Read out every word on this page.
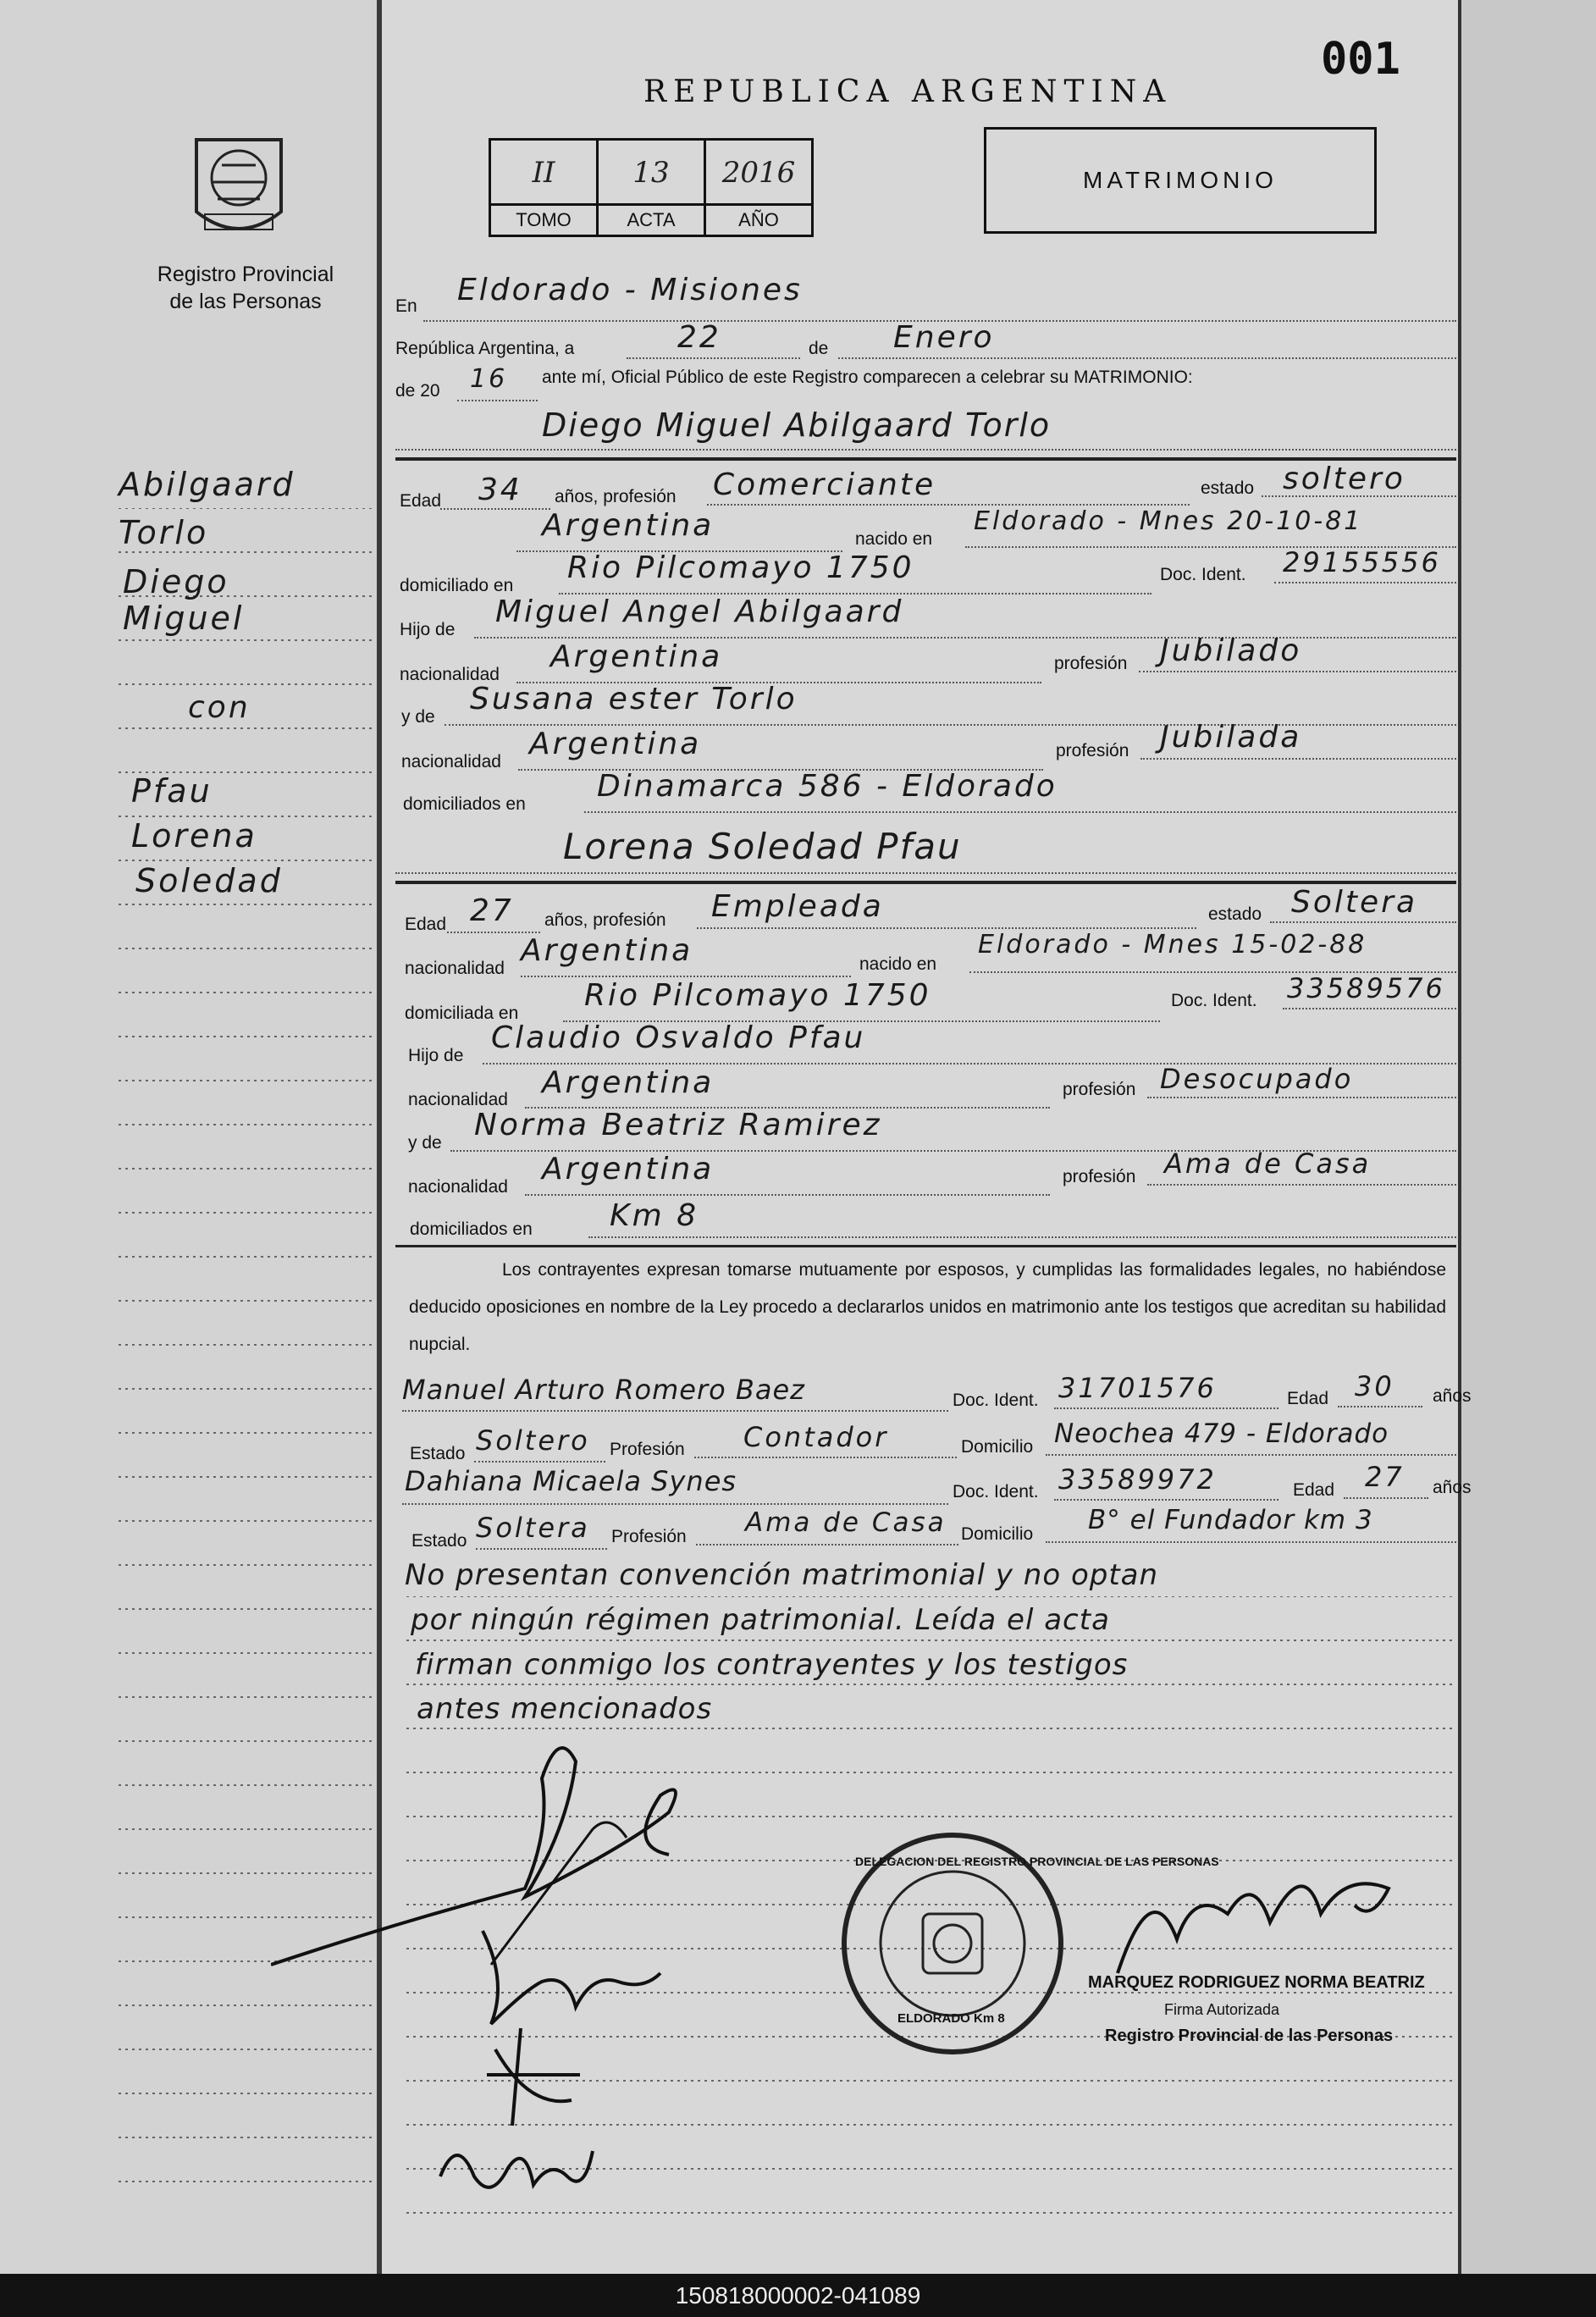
Registro Provincial
de las Personas
REPUBLICA ARGENTINA
001
II
TOMO
13
ACTA
2016
AÑO
MATRIMONIO
En Eldorado - Misiones
República Argentina, a	22	de Enero
de 20 16 ante mí, Oficial Público de este Registro comparecen a celebrar su MATRIMONIO:
Diego Miguel Abilgaard Torlo
Edad 34 años, profesión Comerciante	estado soltero
Argentina	nacido en
Eldorado - Mnes 20-10-81
domiciliado en
Rio Pilcomayo 1750	Doc. Ident. 29155556
Hijo de
Miguel Angel Abilgaard
nacionalidad
Argentina	profesión Jubilado
y de
Susana ester Torlo
nacionalidad
Argentina	profesión Jubilada
domiciliados en
Dinamarca 586 - Eldorado
Lorena Soledad Pfau
Edad 27 años, profesión Empleada	estado Soltera
nacionalidad
Argentina	nacido en
Eldorado - Mnes 15-02-88
domiciliada en
Rio Pilcomayo 1750	Doc. Ident. 33589576
Hijo de
Claudio Osvaldo Pfau
nacionalidad Argentina	profesión Desocupado
y de
Norma Beatriz Ramirez
nacionalidad
Argentina	profesión Ama de Casa
domiciliados en	Km 8
Los contrayentes expresan tomarse mutuamente por esposos, y cumplidas las formalidades legales, no habiéndose deducido oposiciones en nombre de la Ley procedo a declararlos unidos en matrimonio ante los testigos que acreditan su habilidad nupcial.
Manuel Arturo Romero Baez	Doc. Ident. 31701576	Edad 30 años
Estado Soltero Profesión Contador	Domicilio Neochea 479 - Eldorado
Dahiana Micaela Synes	Doc. Ident. 33589972	Edad 27 años
Estado Soltera Profesión Ama de Casa Domicilio B° el Fundador km 3
No presentan convención matrimonial y no optan
por ningún régimen patrimonial. Leída el acta
firman conmigo los contrayentes y los testigos
antes mencionados
Abilgaard
Torlo
Diego
Miguel
con
Pfau
Lorena
Soledad
DELEGACION DEL REGISTRO PROVINCIAL DE LAS PERSONAS
ELDORADO Km 8
MARQUEZ RODRIGUEZ NORMA BEATRIZ
Firma Autorizada
Registro Provincial de las Personas
150818000002-041089
